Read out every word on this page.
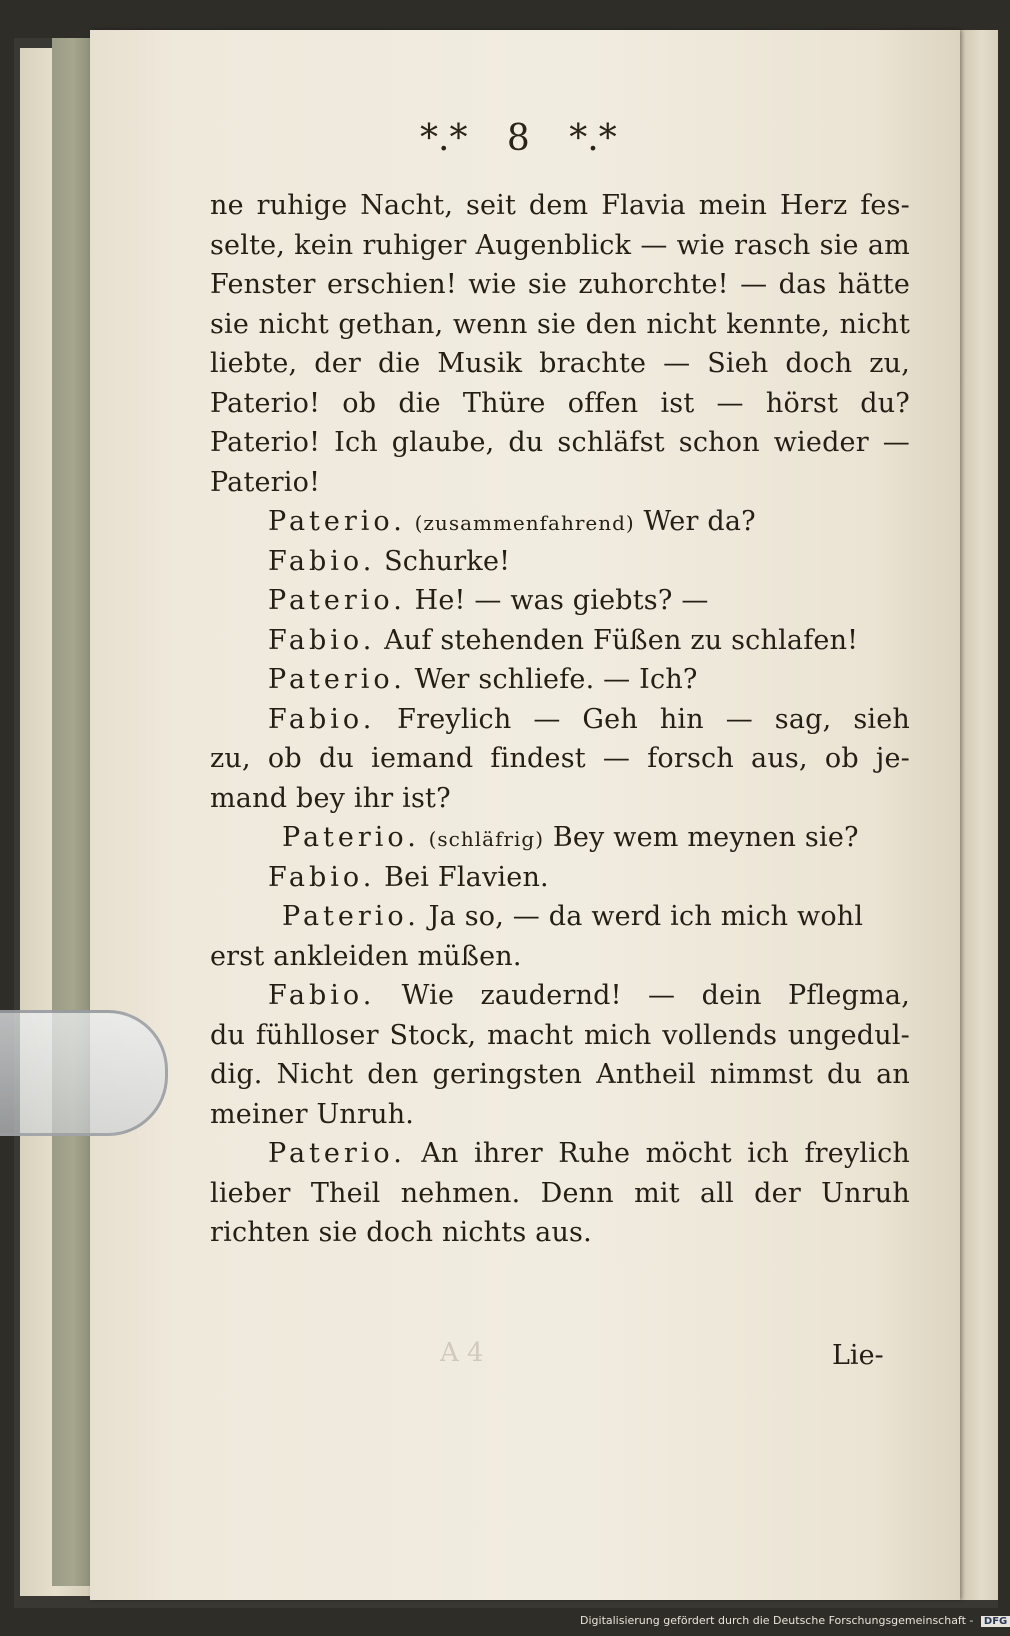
*.* 8 *.*
ne ruhige Nacht, seit dem Flavia mein Herz fes-
selte, kein ruhiger Augenblick — wie rasch sie am
Fenster erschien! wie sie zuhorchte! — das hätte
sie nicht gethan, wenn sie den nicht kennte, nicht
liebte, der die Musik brachte — Sieh doch zu,
Paterio! ob die Thüre offen ist — hörst du?
Paterio! Ich glaube, du schläfst schon wieder —
Paterio!
Paterio. (zusammenfahrend) Wer da?
Fabio. Schurke!
Paterio. He! — was giebts? —
Fabio. Auf stehenden Füßen zu schlafen!
Paterio. Wer schliefe. — Ich?
Fabio. Freylich — Geh hin — sag, sieh
zu, ob du iemand findest — forsch aus, ob je-
mand bey ihr ist?
Paterio. (schläfrig) Bey wem meynen sie?
Fabio. Bei Flavien.
Paterio. Ja so, — da werd ich mich wohl
erst ankleiden müßen.
Fabio. Wie zaudernd! — dein Pflegma,
du fühlloser Stock, macht mich vollends ungedul-
dig. Nicht den geringsten Antheil nimmst du an
meiner Unruh.
Paterio. An ihrer Ruhe möcht ich freylich
lieber Theil nehmen. Denn mit all der Unruh
richten sie doch nichts aus.
A 4	Lie-
Digitalisierung gefördert durch die Deutsche Forschungsgemeinschaft - DFG
